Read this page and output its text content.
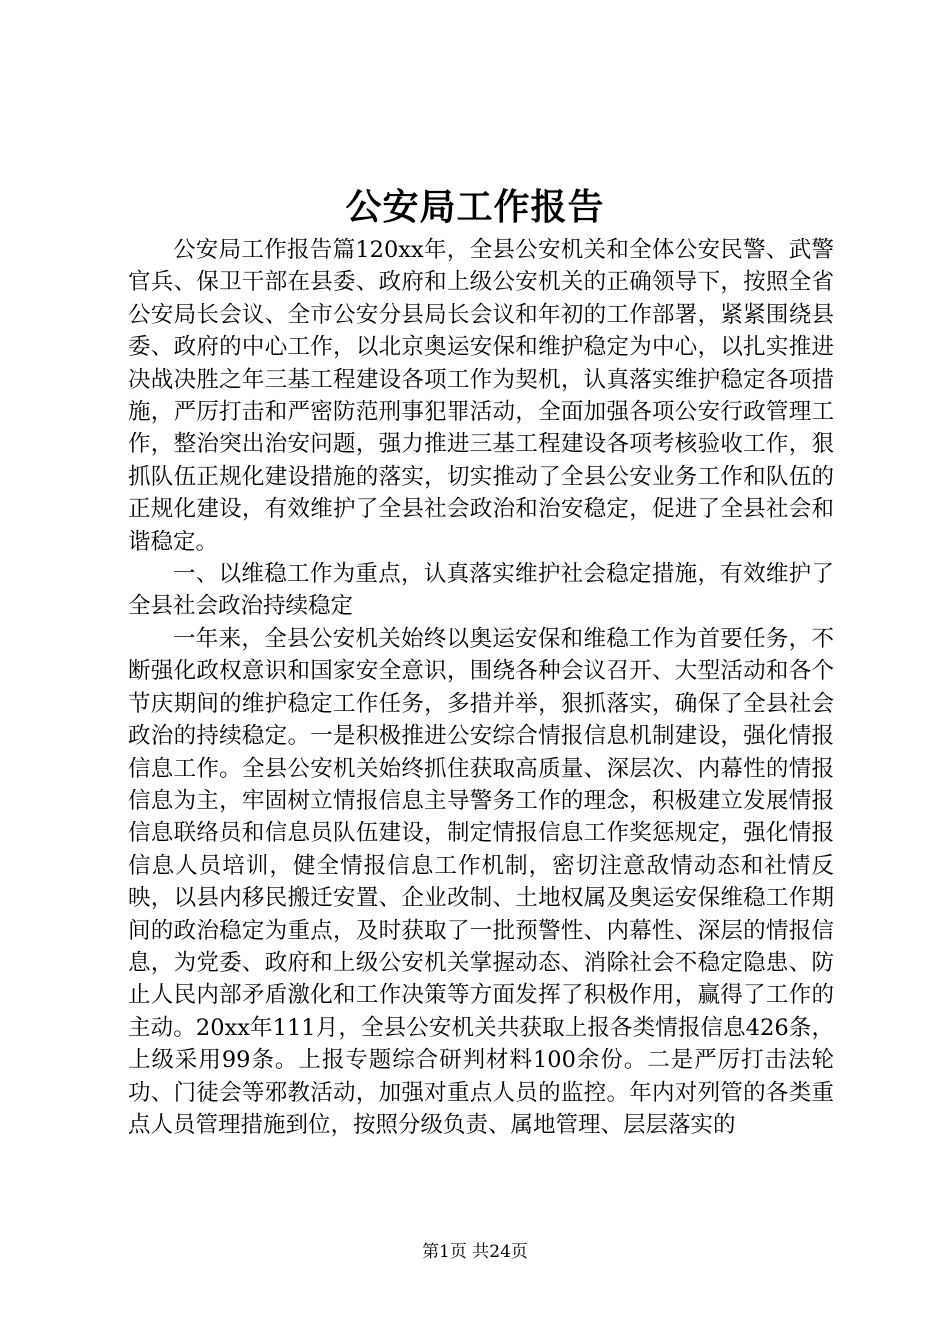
公安局工作报告

公安局工作报告篇120xx年，全县公安机关和全体公安民警、武警官兵、保卫干部在县委、政府和上级公安机关的正确领导下，按照全省公安局长会议、全市公安分县局长会议和年初的工作部署，紧紧围绕县委、政府的中心工作，以北京奥运安保和维护稳定为中心，以扎实推进决战决胜之年三基工程建设各项工作为契机，认真落实维护稳定各项措施，严厉打击和严密防范刑事犯罪活动，全面加强各项公安行政管理工作，整治突出治安问题，强力推进三基工程建设各项考核验收工作，狠抓队伍正规化建设措施的落实，切实推动了全县公安业务工作和队伍的正规化建设，有效维护了全县社会政治和治安稳定，促进了全县社会和谐稳定。

一、以维稳工作为重点，认真落实维护社会稳定措施，有效维护了全县社会政治持续稳定

一年来，全县公安机关始终以奥运安保和维稳工作为首要任务，不断强化政权意识和国家安全意识，围绕各种会议召开、大型活动和各个节庆期间的维护稳定工作任务，多措并举，狠抓落实，确保了全县社会政治的持续稳定。一是积极推进公安综合情报信息机制建设，强化情报信息工作。全县公安机关始终抓住获取高质量、深层次、内幕性的情报信息为主，牢固树立情报信息主导警务工作的理念，积极建立发展情报信息联络员和信息员队伍建设，制定情报信息工作奖惩规定，强化情报信息人员培训，健全情报信息工作机制，密切注意敌情动态和社情反映，以县内移民搬迁安置、企业改制、土地权属及奥运安保维稳工作期间的政治稳定为重点，及时获取了一批预警性、内幕性、深层的情报信息，为党委、政府和上级公安机关掌握动态、消除社会不稳定隐患、防止人民内部矛盾激化和工作决策等方面发挥了积极作用，赢得了工作的主动。20xx年111月，全县公安机关共获取上报各类情报信息426条，上级采用99条。上报专题综合研判材料100余份。二是严厉打击法轮功、门徒会等邪教活动，加强对重点人员的监控。年内对列管的各类重点人员管理措施到位，按照分级负责、属地管理、层层落实的

第1页 共24页
